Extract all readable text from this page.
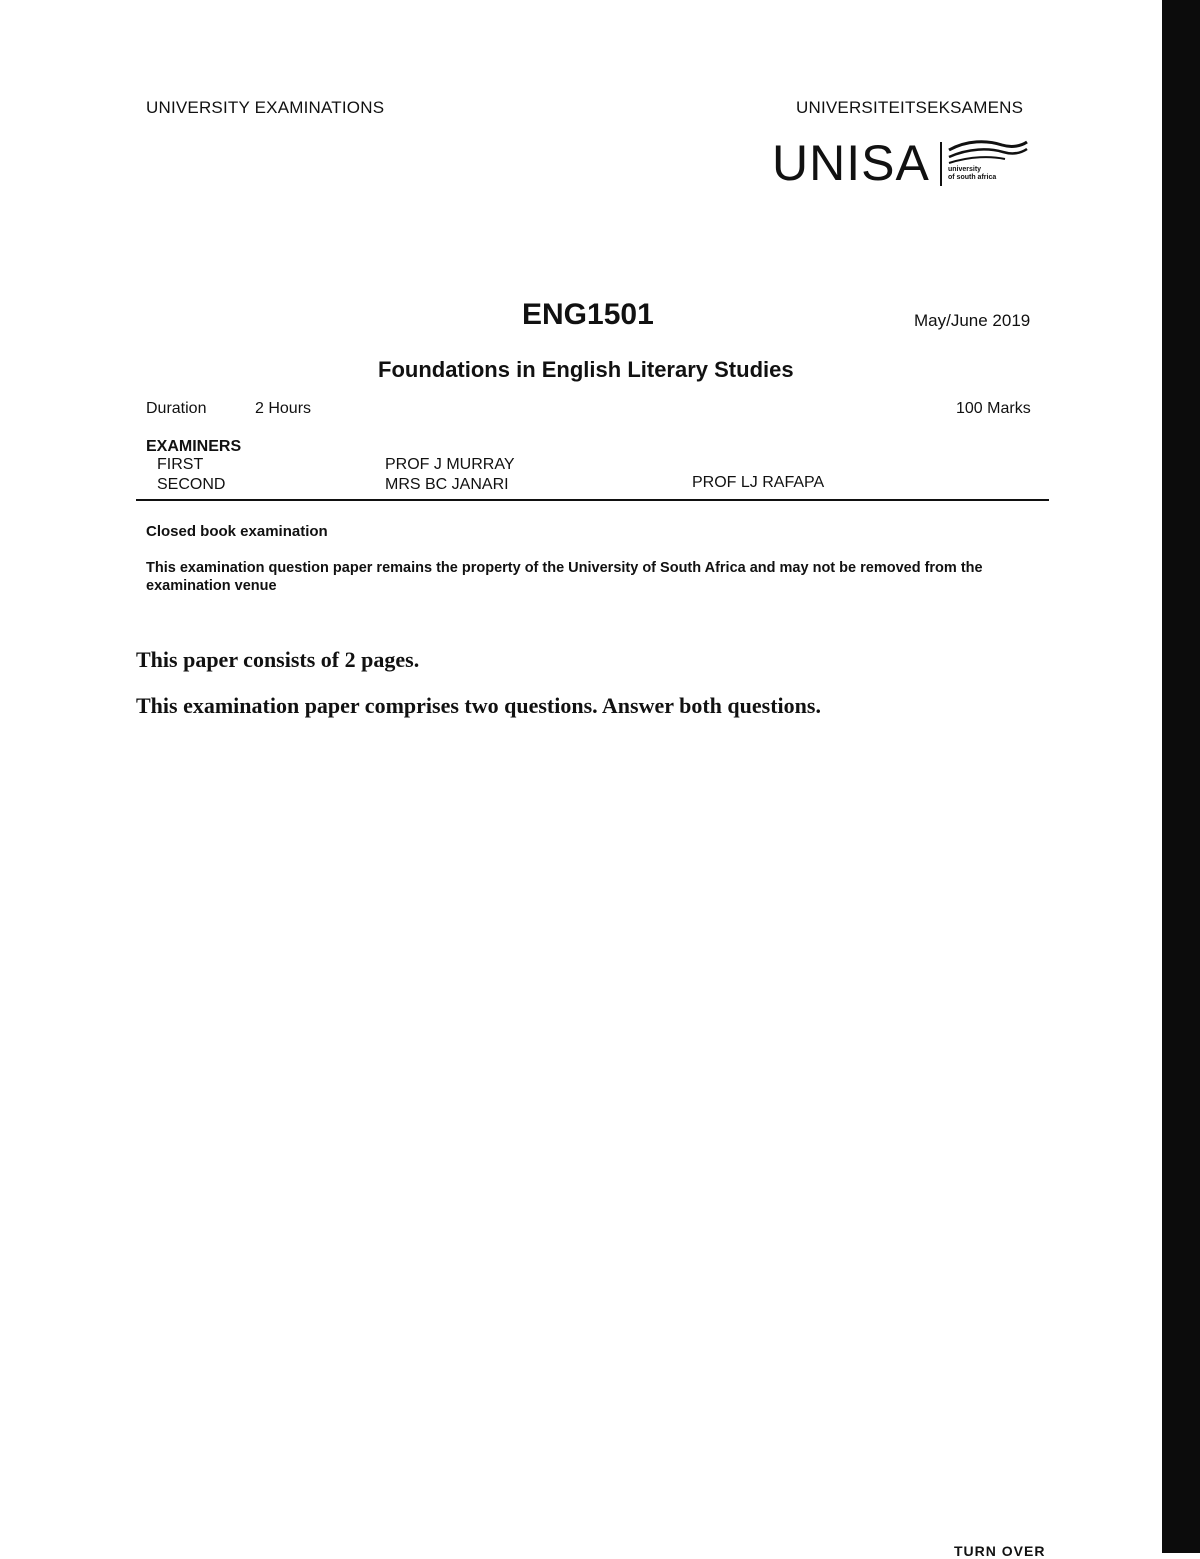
UNIVERSITY EXAMINATIONS	UNIVERSITEITSEKSAMENS
UNISA	university
of south africa
ENG1501	May/June 2019
Foundations in English Literary Studies
Duration	2 Hours	100 Marks
EXAMINERS
FIRST	PROF J MURRAY
SECOND	MRS BC JANARI	PROF LJ RAFAPA
Closed book examination
This examination question paper remains the property of the University of South Africa and may not be removed from the examination venue
This paper consists of 2 pages.
This examination paper comprises two questions. Answer both questions.
TURN OVER
